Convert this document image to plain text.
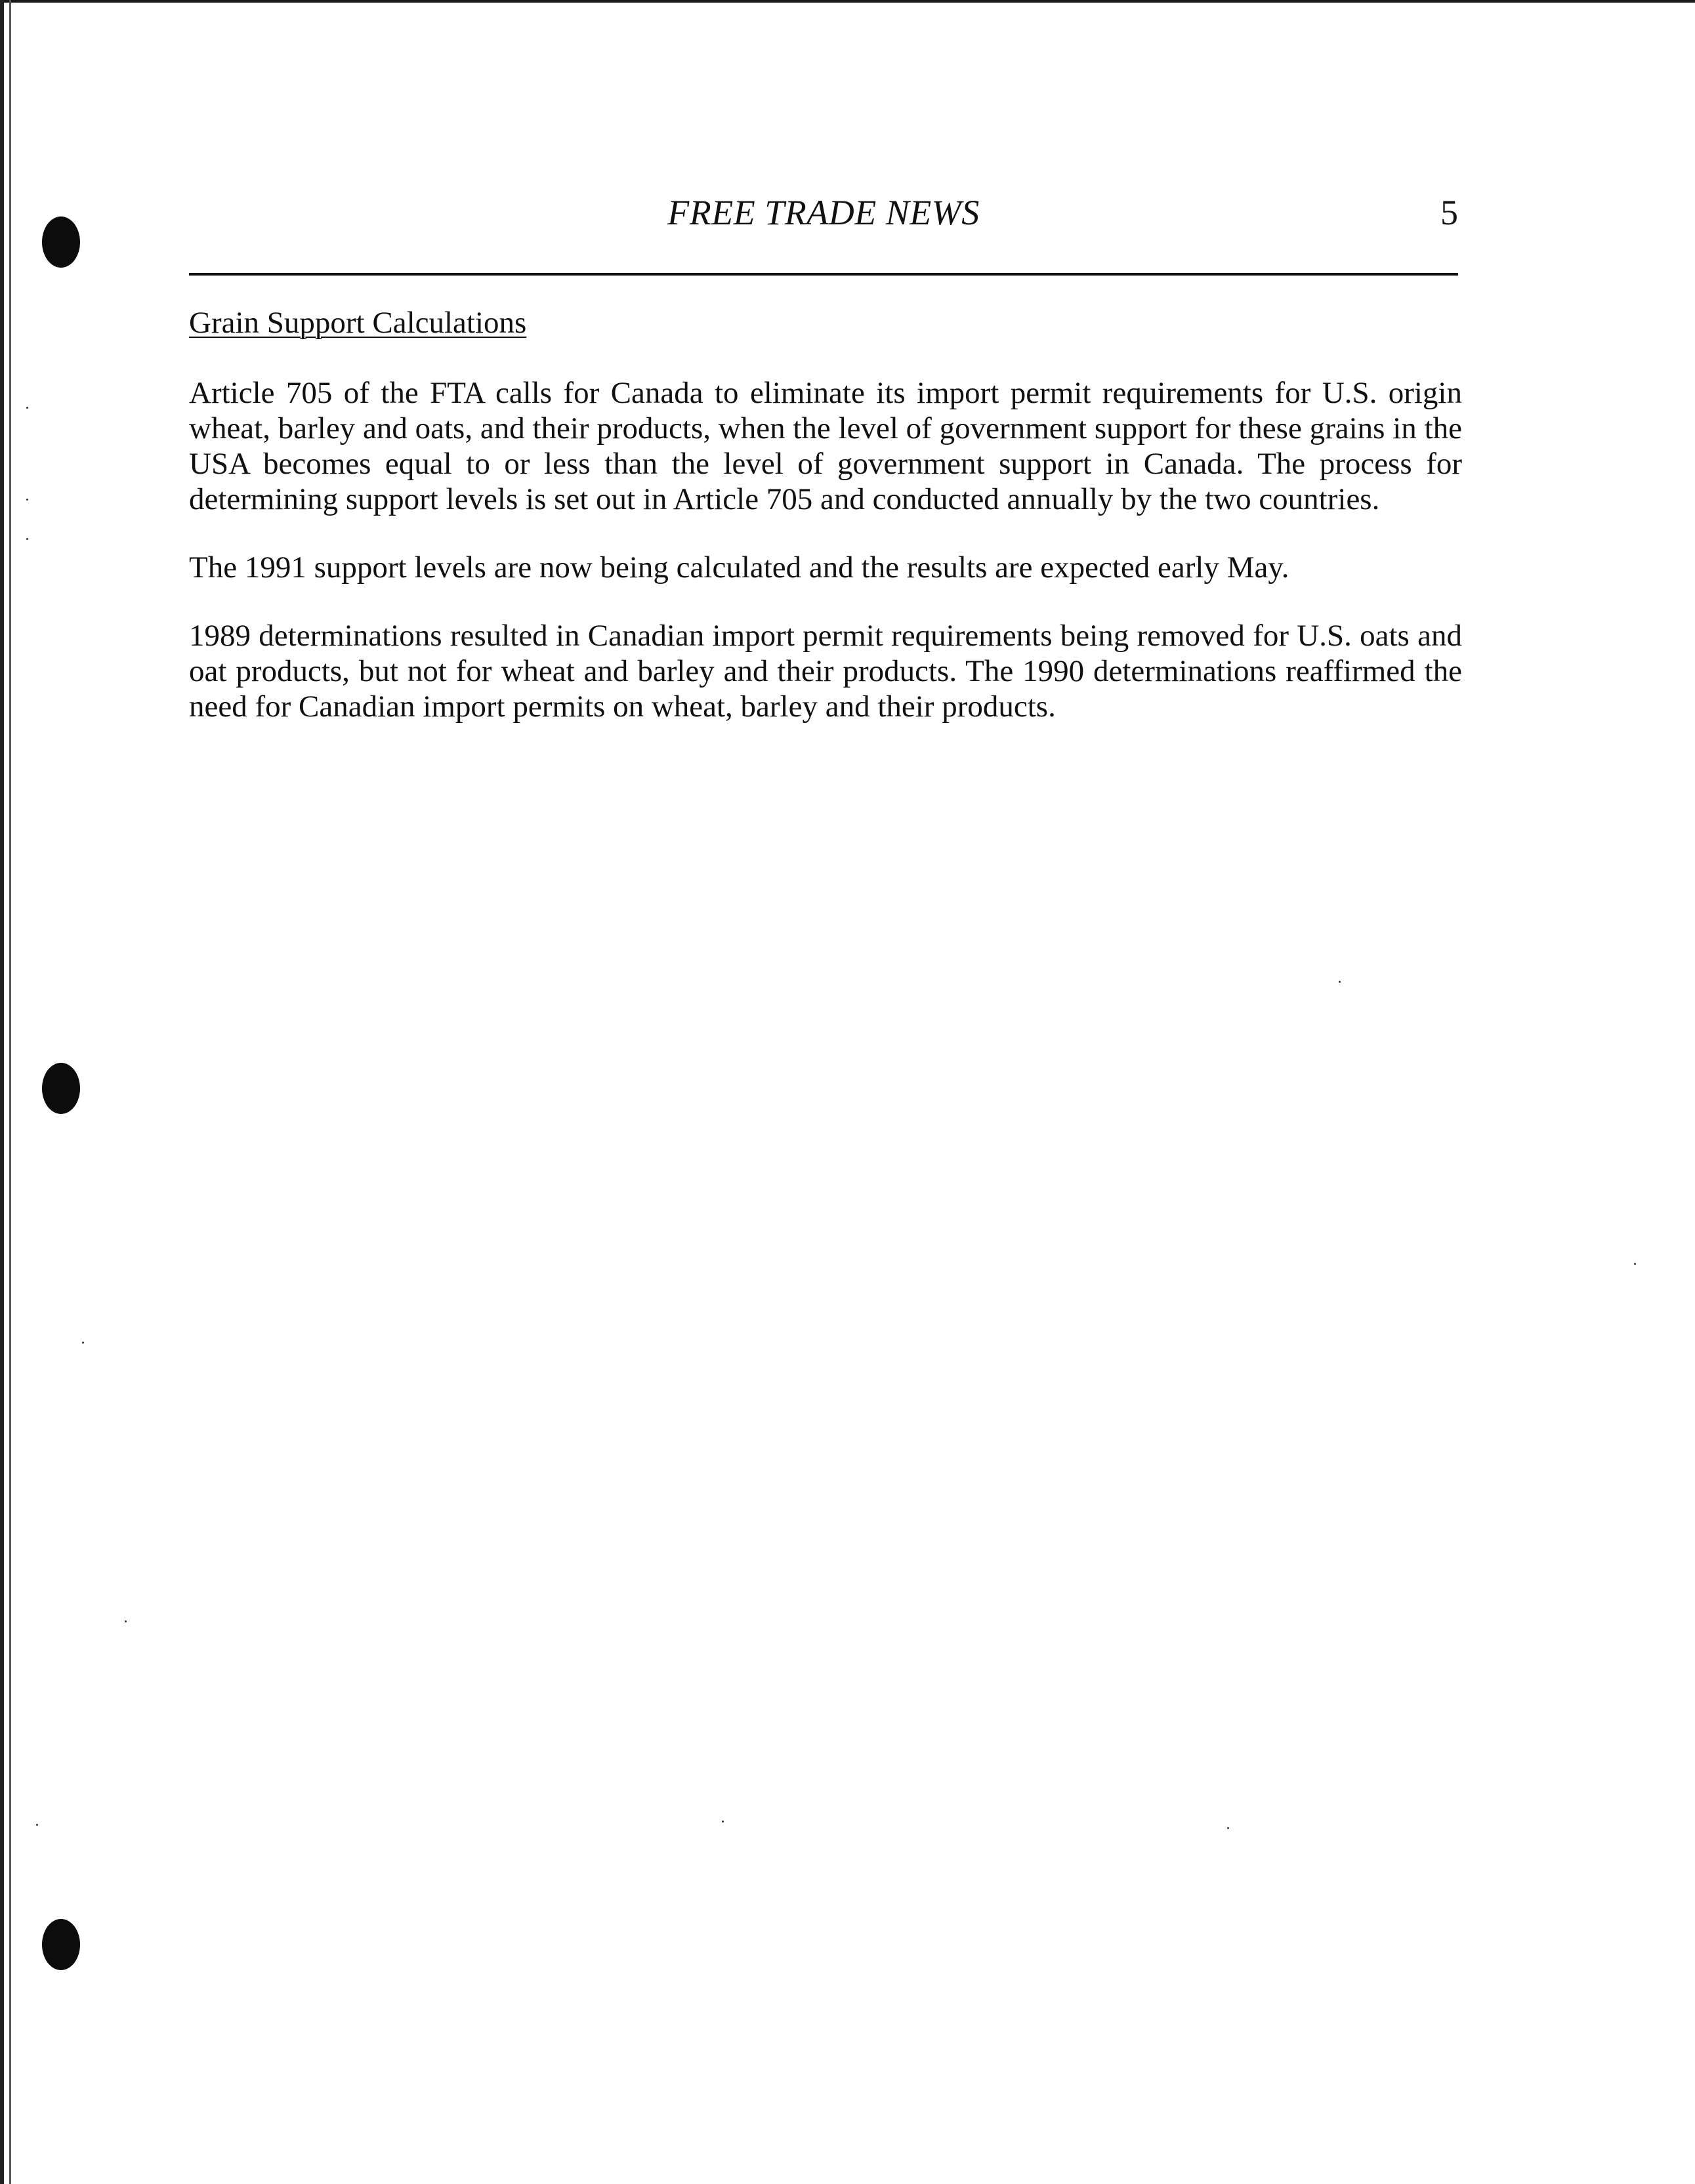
FREE TRADE NEWS	5
Grain Support Calculations

Article 705 of the FTA calls for Canada to eliminate its import permit requirements for U.S. origin wheat, barley and oats, and their products, when the level of government support for these grains in the USA becomes equal to or less than the level of government support in Canada. The process for determining support levels is set out in Article 705 and conducted annually by the two countries.

The 1991 support levels are now being calculated and the results are expected early May.

1989 determinations resulted in Canadian import permit requirements being removed for U.S. oats and oat products, but not for wheat and barley and their products. The 1990 determinations reaffirmed the need for Canadian import permits on wheat, barley and their products.
